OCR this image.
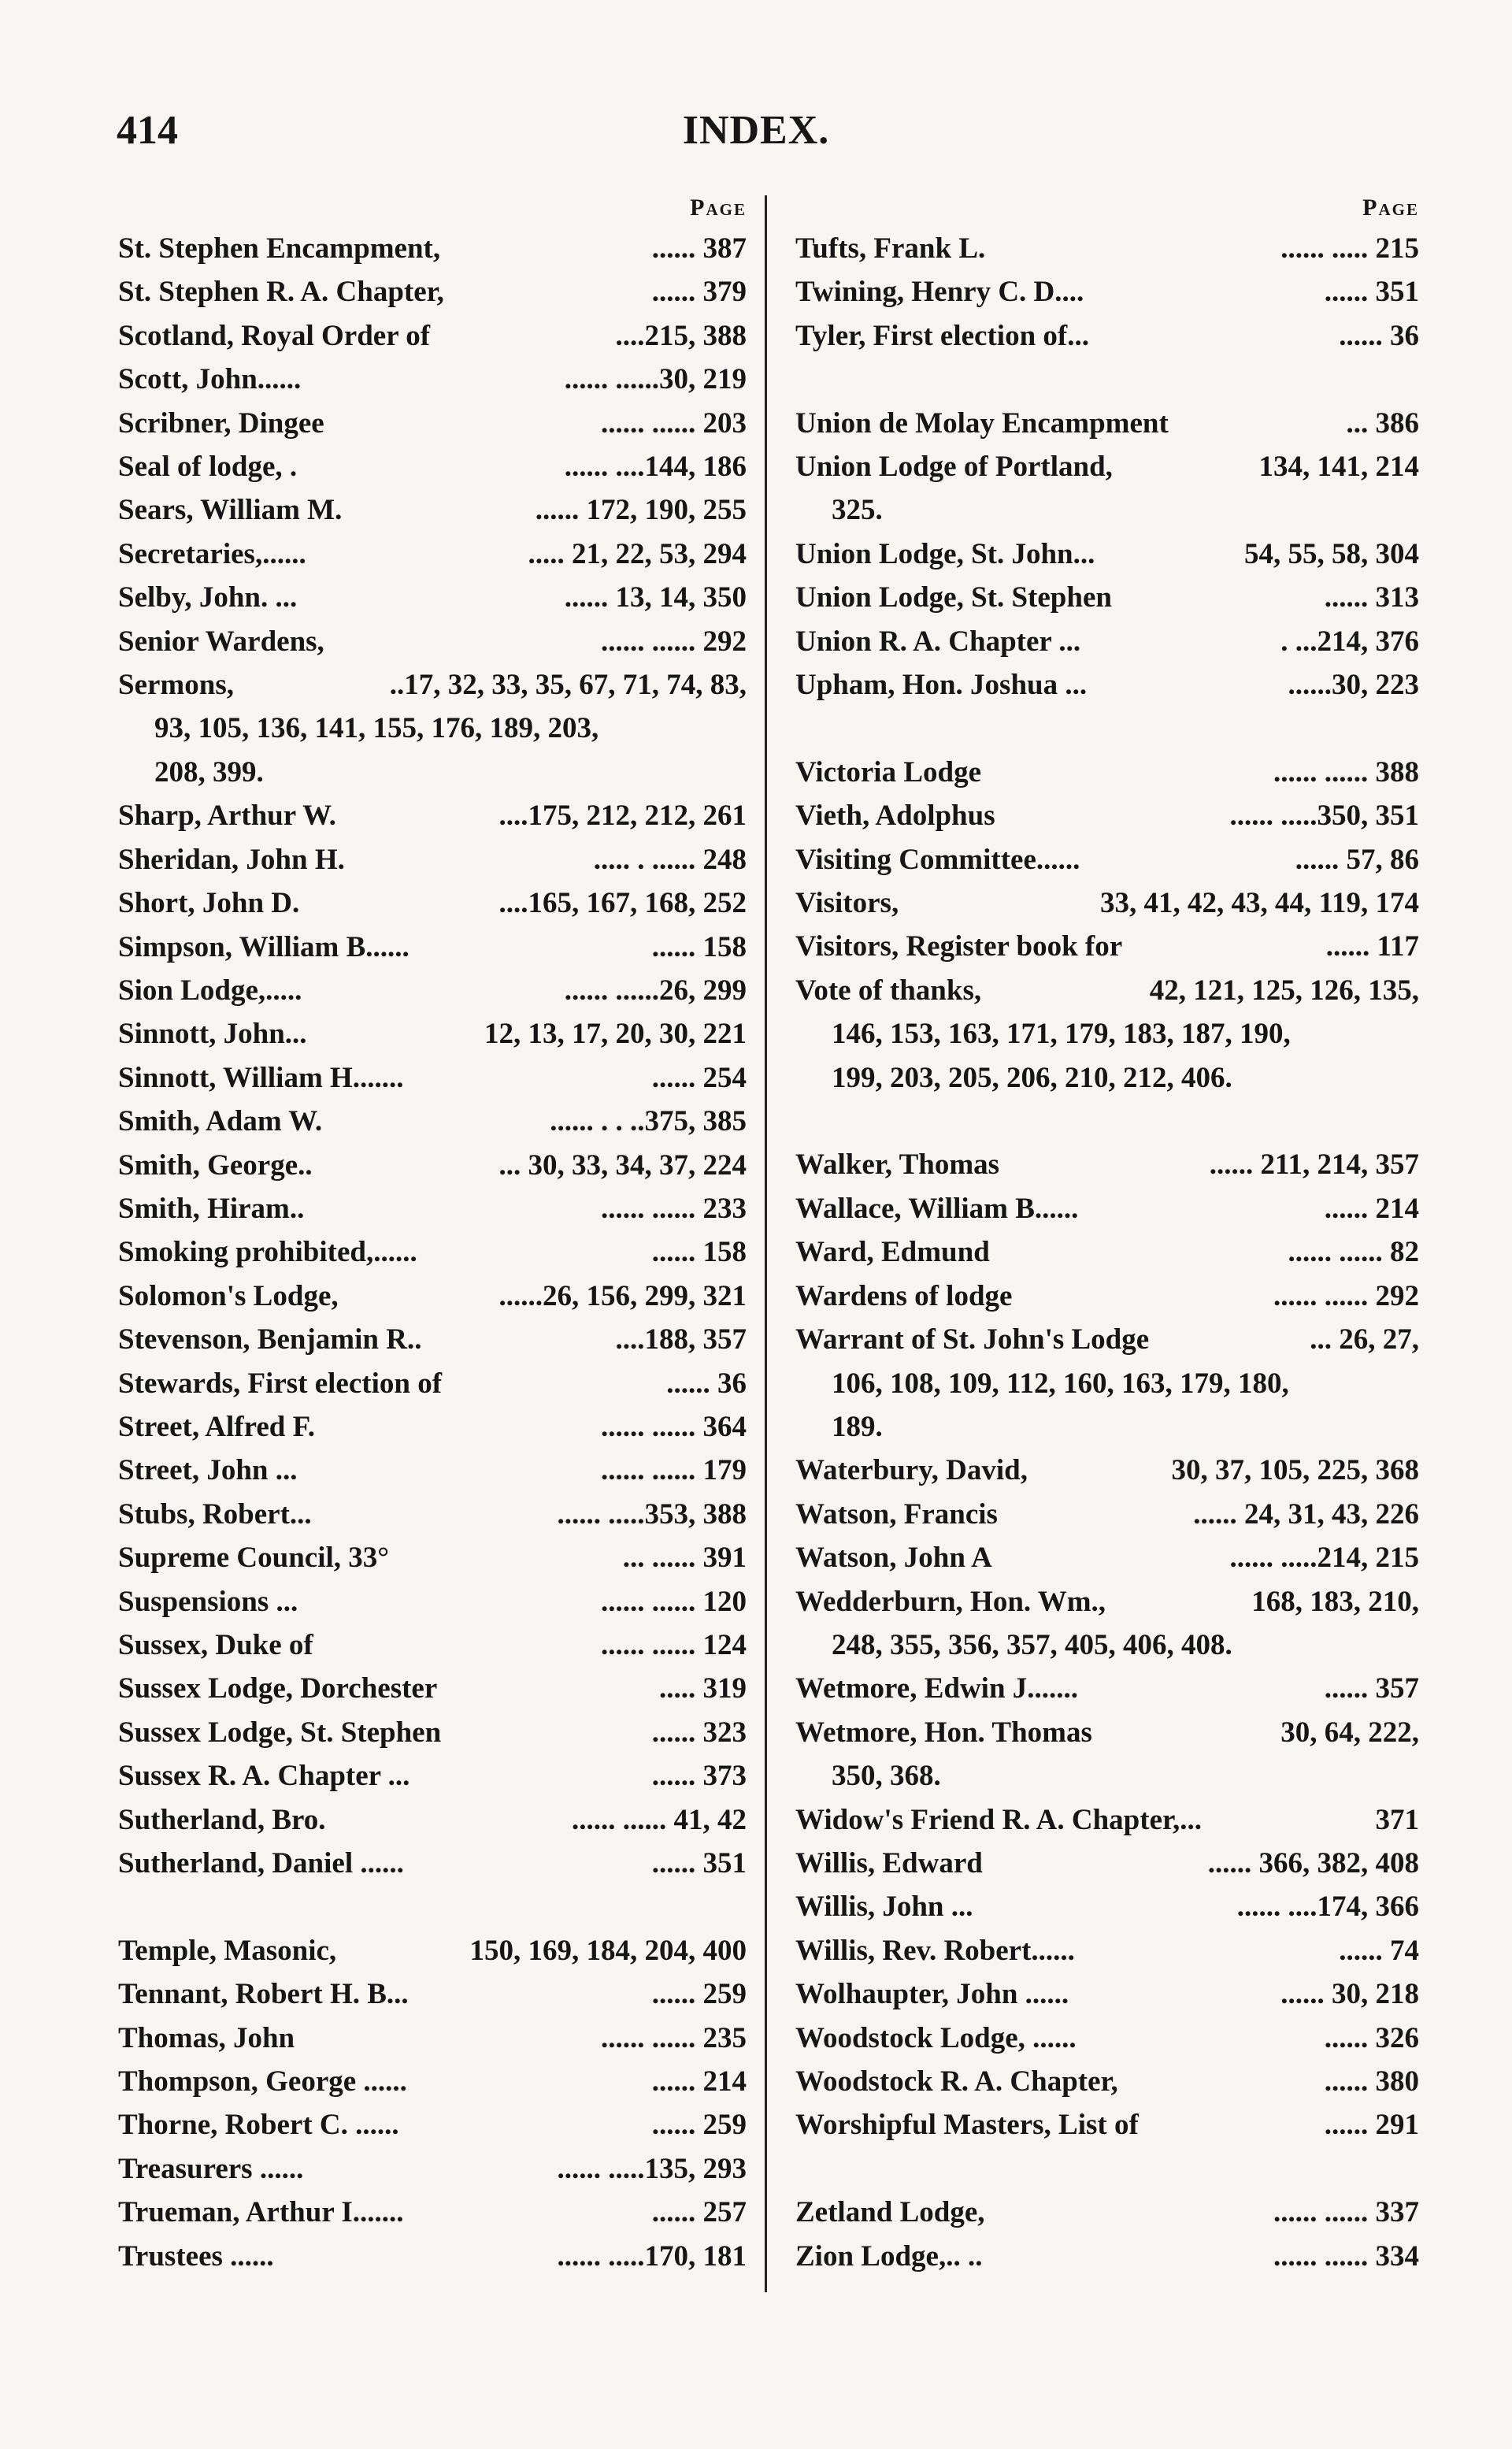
414	INDEX.
Page
St. Stephen Encampment,	...... 387
St. Stephen R. A. Chapter,	...... 379
Scotland, Royal Order of	....215, 388
Scott, John......	...... ......30, 219
Scribner, Dingee	...... ...... 203
Seal of lodge, .	...... ....144, 186
Sears, William M.	...... 172, 190, 255
Secretaries,......	..... 21, 22, 53, 294
Selby, John. ...	...... 13, 14, 350
Senior Wardens,	...... ...... 292
Sermons,	..17, 32, 33, 35, 67, 71, 74, 83,
93, 105, 136, 141, 155, 176, 189, 203,
208, 399.
Sharp, Arthur W.	....175, 212, 212, 261
Sheridan, John H.	..... . ...... 248
Short, John D.	....165, 167, 168, 252
Simpson, William B......	...... 158
Sion Lodge,.....	...... ......26, 299
Sinnott, John...	12, 13, 17, 20, 30, 221
Sinnott, William H.......	...... 254
Smith, Adam W.	...... . . ..375, 385
Smith, George..	... 30, 33, 34, 37, 224
Smith, Hiram..	...... ...... 233
Smoking prohibited,......	...... 158
Solomon's Lodge,	......26, 156, 299, 321
Stevenson, Benjamin R..	....188, 357
Stewards, First election of	...... 36
Street, Alfred F.	...... ...... 364
Street, John ...	...... ...... 179
Stubs, Robert...	...... .....353, 388
Supreme Council, 33°	... ...... 391
Suspensions ...	...... ...... 120
Sussex, Duke of	...... ...... 124
Sussex Lodge, Dorchester	..... 319
Sussex Lodge, St. Stephen	...... 323
Sussex R. A. Chapter ...	...... 373
Sutherland, Bro.	...... ...... 41, 42
Sutherland, Daniel ......	...... 351
Temple, Masonic,	150, 169, 184, 204, 400
Tennant, Robert H. B...	...... 259
Thomas, John	...... ...... 235
Thompson, George ......	...... 214
Thorne, Robert C. ......	...... 259
Treasurers ......	...... .....135, 293
Trueman, Arthur I.......	...... 257
Trustees ......	...... .....170, 181
Page
Tufts, Frank L.	...... ..... 215
Twining, Henry C. D....	...... 351
Tyler, First election of...	...... 36
Union de Molay Encampment	... 386
Union Lodge of Portland,	134, 141, 214
325.
Union Lodge, St. John...	54, 55, 58, 304
Union Lodge, St. Stephen	...... 313
Union R. A. Chapter ...	. ...214, 376
Upham, Hon. Joshua ...	......30, 223
Victoria Lodge	...... ...... 388
Vieth, Adolphus	...... .....350, 351
Visiting Committee......	...... 57, 86
Visitors,	33, 41, 42, 43, 44, 119, 174
Visitors, Register book for	...... 117
Vote of thanks,	42, 121, 125, 126, 135,
146, 153, 163, 171, 179, 183, 187, 190,
199, 203, 205, 206, 210, 212, 406.
Walker, Thomas	...... 211, 214, 357
Wallace, William B......	...... 214
Ward, Edmund	...... ...... 82
Wardens of lodge	...... ...... 292
Warrant of St. John's Lodge	... 26, 27,
106, 108, 109, 112, 160, 163, 179, 180,
189.
Waterbury, David,	30, 37, 105, 225, 368
Watson, Francis	...... 24, 31, 43, 226
Watson, John A	...... .....214, 215
Wedderburn, Hon. Wm.,	168, 183, 210,
248, 355, 356, 357, 405, 406, 408.
Wetmore, Edwin J.......	...... 357
Wetmore, Hon. Thomas	30, 64, 222,
350, 368.
Widow's Friend R. A. Chapter,...	371
Willis, Edward	...... 366, 382, 408
Willis, John ...	...... ....174, 366
Willis, Rev. Robert......	...... 74
Wolhaupter, John ......	...... 30, 218
Woodstock Lodge, ......	...... 326
Woodstock R. A. Chapter,	...... 380
Worshipful Masters, List of	...... 291
Zetland Lodge,	...... ...... 337
Zion Lodge,.. ..	...... ...... 334
